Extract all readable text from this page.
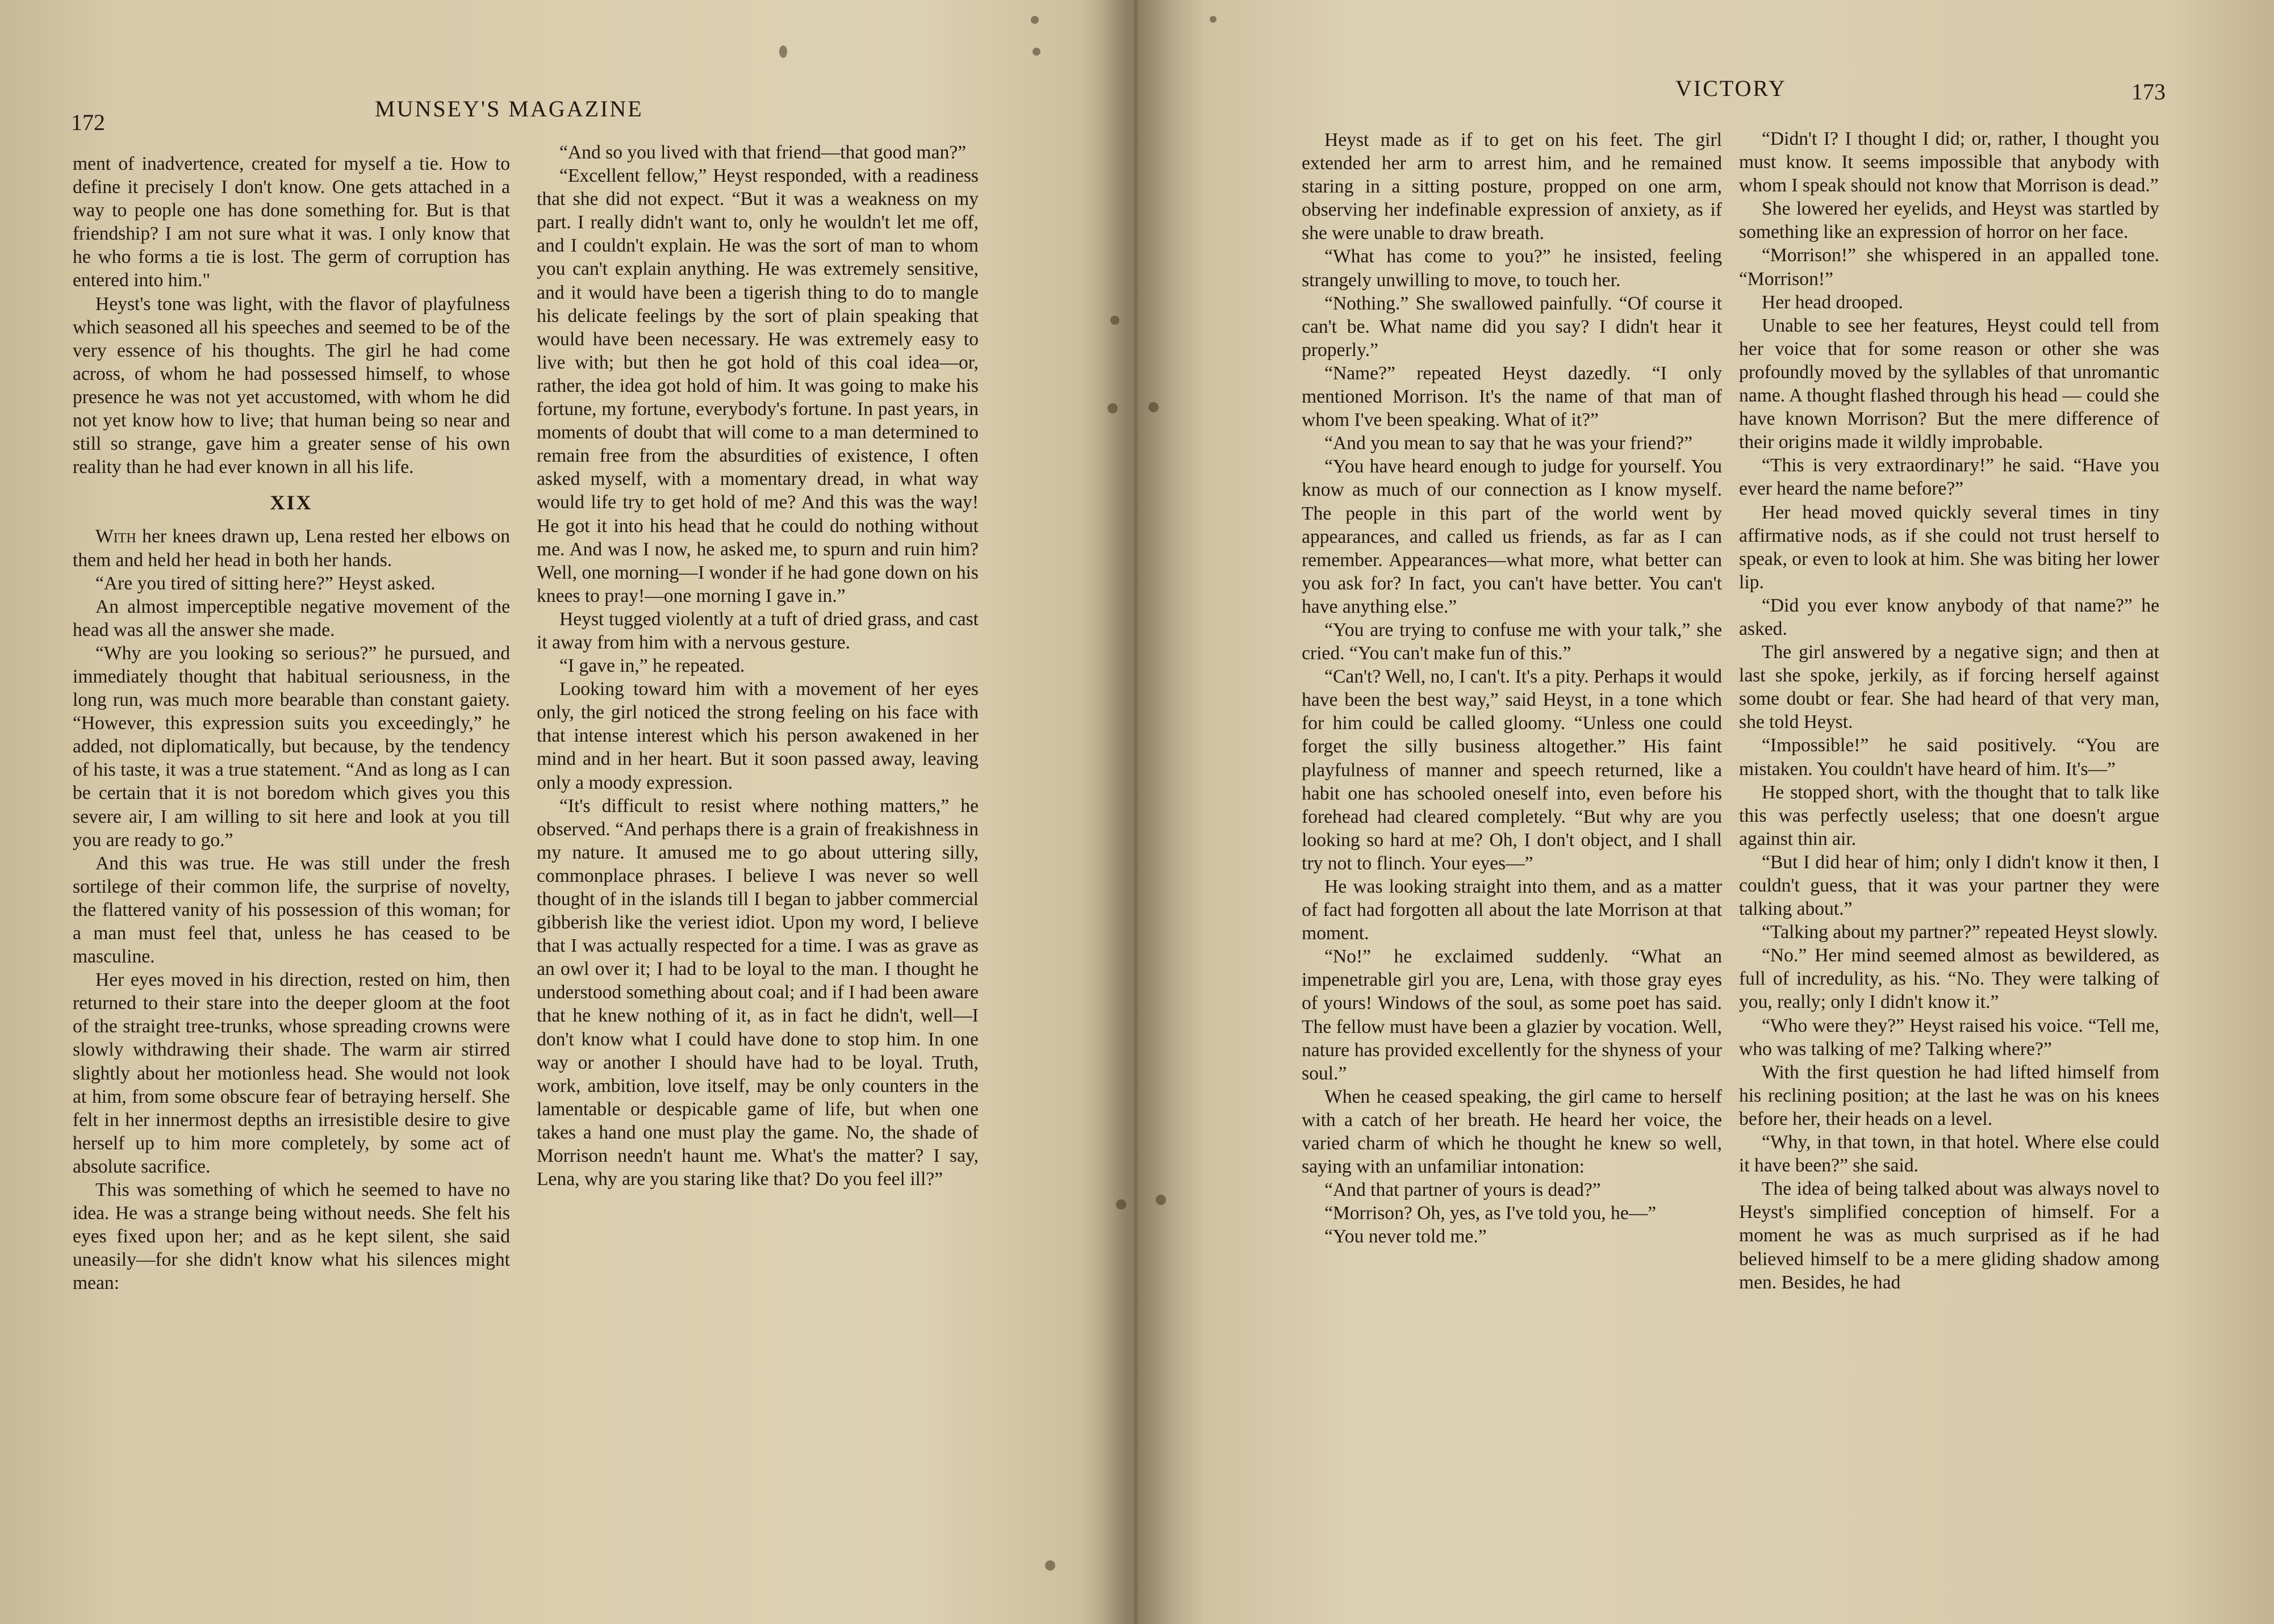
172
MUNSEY'S MAGAZINE

ment of inadvertence, created for myself a tie. How to define it precisely I don't know. One gets attached in a way to people one has done something for. But is that friendship? I am not sure what it was. I only know that he who forms a tie is lost. The germ of corruption has entered into him."

Heyst's tone was light, with the flavor of playfulness which seasoned all his speeches and seemed to be of the very essence of his thoughts. The girl he had come across, of whom he had possessed himself, to whose presence he was not yet accustomed, with whom he did not yet know how to live; that human being so near and still so strange, gave him a greater sense of his own reality than he had ever known in all his life.

XIX

With her knees drawn up, Lena rested her elbows on them and held her head in both her hands.

“Are you tired of sitting here?” Heyst asked.

An almost imperceptible negative movement of the head was all the answer she made.

“Why are you looking so serious?” he pursued, and immediately thought that habitual seriousness, in the long run, was much more bearable than constant gaiety. “However, this expression suits you exceedingly,” he added, not diplomatically, but because, by the tendency of his taste, it was a true statement. “And as long as I can be certain that it is not boredom which gives you this severe air, I am willing to sit here and look at you till you are ready to go.”

And this was true. He was still under the fresh sortilege of their common life, the surprise of novelty, the flattered vanity of his possession of this woman; for a man must feel that, unless he has ceased to be masculine.

Her eyes moved in his direction, rested on him, then returned to their stare into the deeper gloom at the foot of the straight tree-trunks, whose spreading crowns were slowly withdrawing their shade. The warm air stirred slightly about her motionless head. She would not look at him, from some obscure fear of betraying herself. She felt in her innermost depths an irresistible desire to give herself up to him more completely, by some act of absolute sacrifice.

This was something of which he seemed to have no idea. He was a strange being without needs. She felt his eyes fixed upon her; and as he kept silent, she said uneasily—for she didn't know what his silences might mean:

“And so you lived with that friend—that good man?”

“Excellent fellow,” Heyst responded, with a readiness that she did not expect. “But it was a weakness on my part. I really didn't want to, only he wouldn't let me off, and I couldn't explain. He was the sort of man to whom you can't explain anything. He was extremely sensitive, and it would have been a tigerish thing to do to mangle his delicate feelings by the sort of plain speaking that would have been necessary. He was extremely easy to live with; but then he got hold of this coal idea—or, rather, the idea got hold of him. It was going to make his fortune, my fortune, everybody's fortune. In past years, in moments of doubt that will come to a man determined to remain free from the absurdities of existence, I often asked myself, with a momentary dread, in what way would life try to get hold of me? And this was the way! He got it into his head that he could do nothing without me. And was I now, he asked me, to spurn and ruin him? Well, one morning—I wonder if he had gone down on his knees to pray!—one morning I gave in.”

Heyst tugged violently at a tuft of dried grass, and cast it away from him with a nervous gesture.

“I gave in,” he repeated.

Looking toward him with a movement of her eyes only, the girl noticed the strong feeling on his face with that intense interest which his person awakened in her mind and in her heart. But it soon passed away, leaving only a moody expression.

“It's difficult to resist where nothing matters,” he observed. “And perhaps there is a grain of freakishness in my nature. It amused me to go about uttering silly, commonplace phrases. I believe I was never so well thought of in the islands till I began to jabber commercial gibberish like the veriest idiot. Upon my word, I believe that I was actually respected for a time. I was as grave as an owl over it; I had to be loyal to the man. I thought he understood something about coal; and if I had been aware that he knew nothing of it, as in fact he didn't, well—I don't know what I could have done to stop him. In one way or another I should have had to be loyal. Truth, work, ambition, love itself, may be only counters in the lamentable or despicable game of life, but when one takes a hand one must play the game. No, the shade of Morrison needn't haunt me. What's the matter? I say, Lena, why are you staring like that? Do you feel ill?”

VICTORY	173

Heyst made as if to get on his feet. The girl extended her arm to arrest him, and he remained staring in a sitting posture, propped on one arm, observing her indefinable expression of anxiety, as if she were unable to draw breath.

“What has come to you?” he insisted, feeling strangely unwilling to move, to touch her.

“Nothing.” She swallowed painfully. “Of course it can't be. What name did you say? I didn't hear it properly.”

“Name?” repeated Heyst dazedly. “I only mentioned Morrison. It's the name of that man of whom I've been speaking. What of it?”

“And you mean to say that he was your friend?”

“You have heard enough to judge for yourself. You know as much of our connection as I know myself. The people in this part of the world went by appearances, and called us friends, as far as I can remember. Appearances—what more, what better can you ask for? In fact, you can't have better. You can't have anything else.”

“You are trying to confuse me with your talk,” she cried. “You can't make fun of this.”

“Can't? Well, no, I can't. It's a pity. Perhaps it would have been the best way,” said Heyst, in a tone which for him could be called gloomy. “Unless one could forget the silly business altogether.” His faint playfulness of manner and speech returned, like a habit one has schooled oneself into, even before his forehead had cleared completely. “But why are you looking so hard at me? Oh, I don't object, and I shall try not to flinch. Your eyes—”

He was looking straight into them, and as a matter of fact had forgotten all about the late Morrison at that moment.

“No!” he exclaimed suddenly. “What an impenetrable girl you are, Lena, with those gray eyes of yours! Windows of the soul, as some poet has said. The fellow must have been a glazier by vocation. Well, nature has provided excellently for the shyness of your soul.”

When he ceased speaking, the girl came to herself with a catch of her breath. He heard her voice, the varied charm of which he thought he knew so well, saying with an unfamiliar intonation:

“And that partner of yours is dead?”

“Morrison? Oh, yes, as I've told you, he—”

“You never told me.”

“Didn't I? I thought I did; or, rather, I thought you must know. It seems impossible that anybody with whom I speak should not know that Morrison is dead.”

She lowered her eyelids, and Heyst was startled by something like an expression of horror on her face.

“Morrison!” she whispered in an appalled tone. “Morrison!”

Her head drooped.

Unable to see her features, Heyst could tell from her voice that for some reason or other she was profoundly moved by the syllables of that unromantic name. A thought flashed through his head — could she have known Morrison? But the mere difference of their origins made it wildly improbable.

“This is very extraordinary!” he said. “Have you ever heard the name before?”

Her head moved quickly several times in tiny affirmative nods, as if she could not trust herself to speak, or even to look at him. She was biting her lower lip.

“Did you ever know anybody of that name?” he asked.

The girl answered by a negative sign; and then at last she spoke, jerkily, as if forcing herself against some doubt or fear. She had heard of that very man, she told Heyst.

“Impossible!” he said positively. “You are mistaken. You couldn't have heard of him. It's—”

He stopped short, with the thought that to talk like this was perfectly useless; that one doesn't argue against thin air.

“But I did hear of him; only I didn't know it then, I couldn't guess, that it was your partner they were talking about.”

“Talking about my partner?” repeated Heyst slowly.

“No.” Her mind seemed almost as bewildered, as full of incredulity, as his. “No. They were talking of you, really; only I didn't know it.”

“Who were they?” Heyst raised his voice. “Tell me, who was talking of me? Talking where?”

With the first question he had lifted himself from his reclining position; at the last he was on his knees before her, their heads on a level.

“Why, in that town, in that hotel. Where else could it have been?” she said.

The idea of being talked about was always novel to Heyst's simplified conception of himself. For a moment he was as much surprised as if he had believed himself to be a mere gliding shadow among men. Besides, he had
